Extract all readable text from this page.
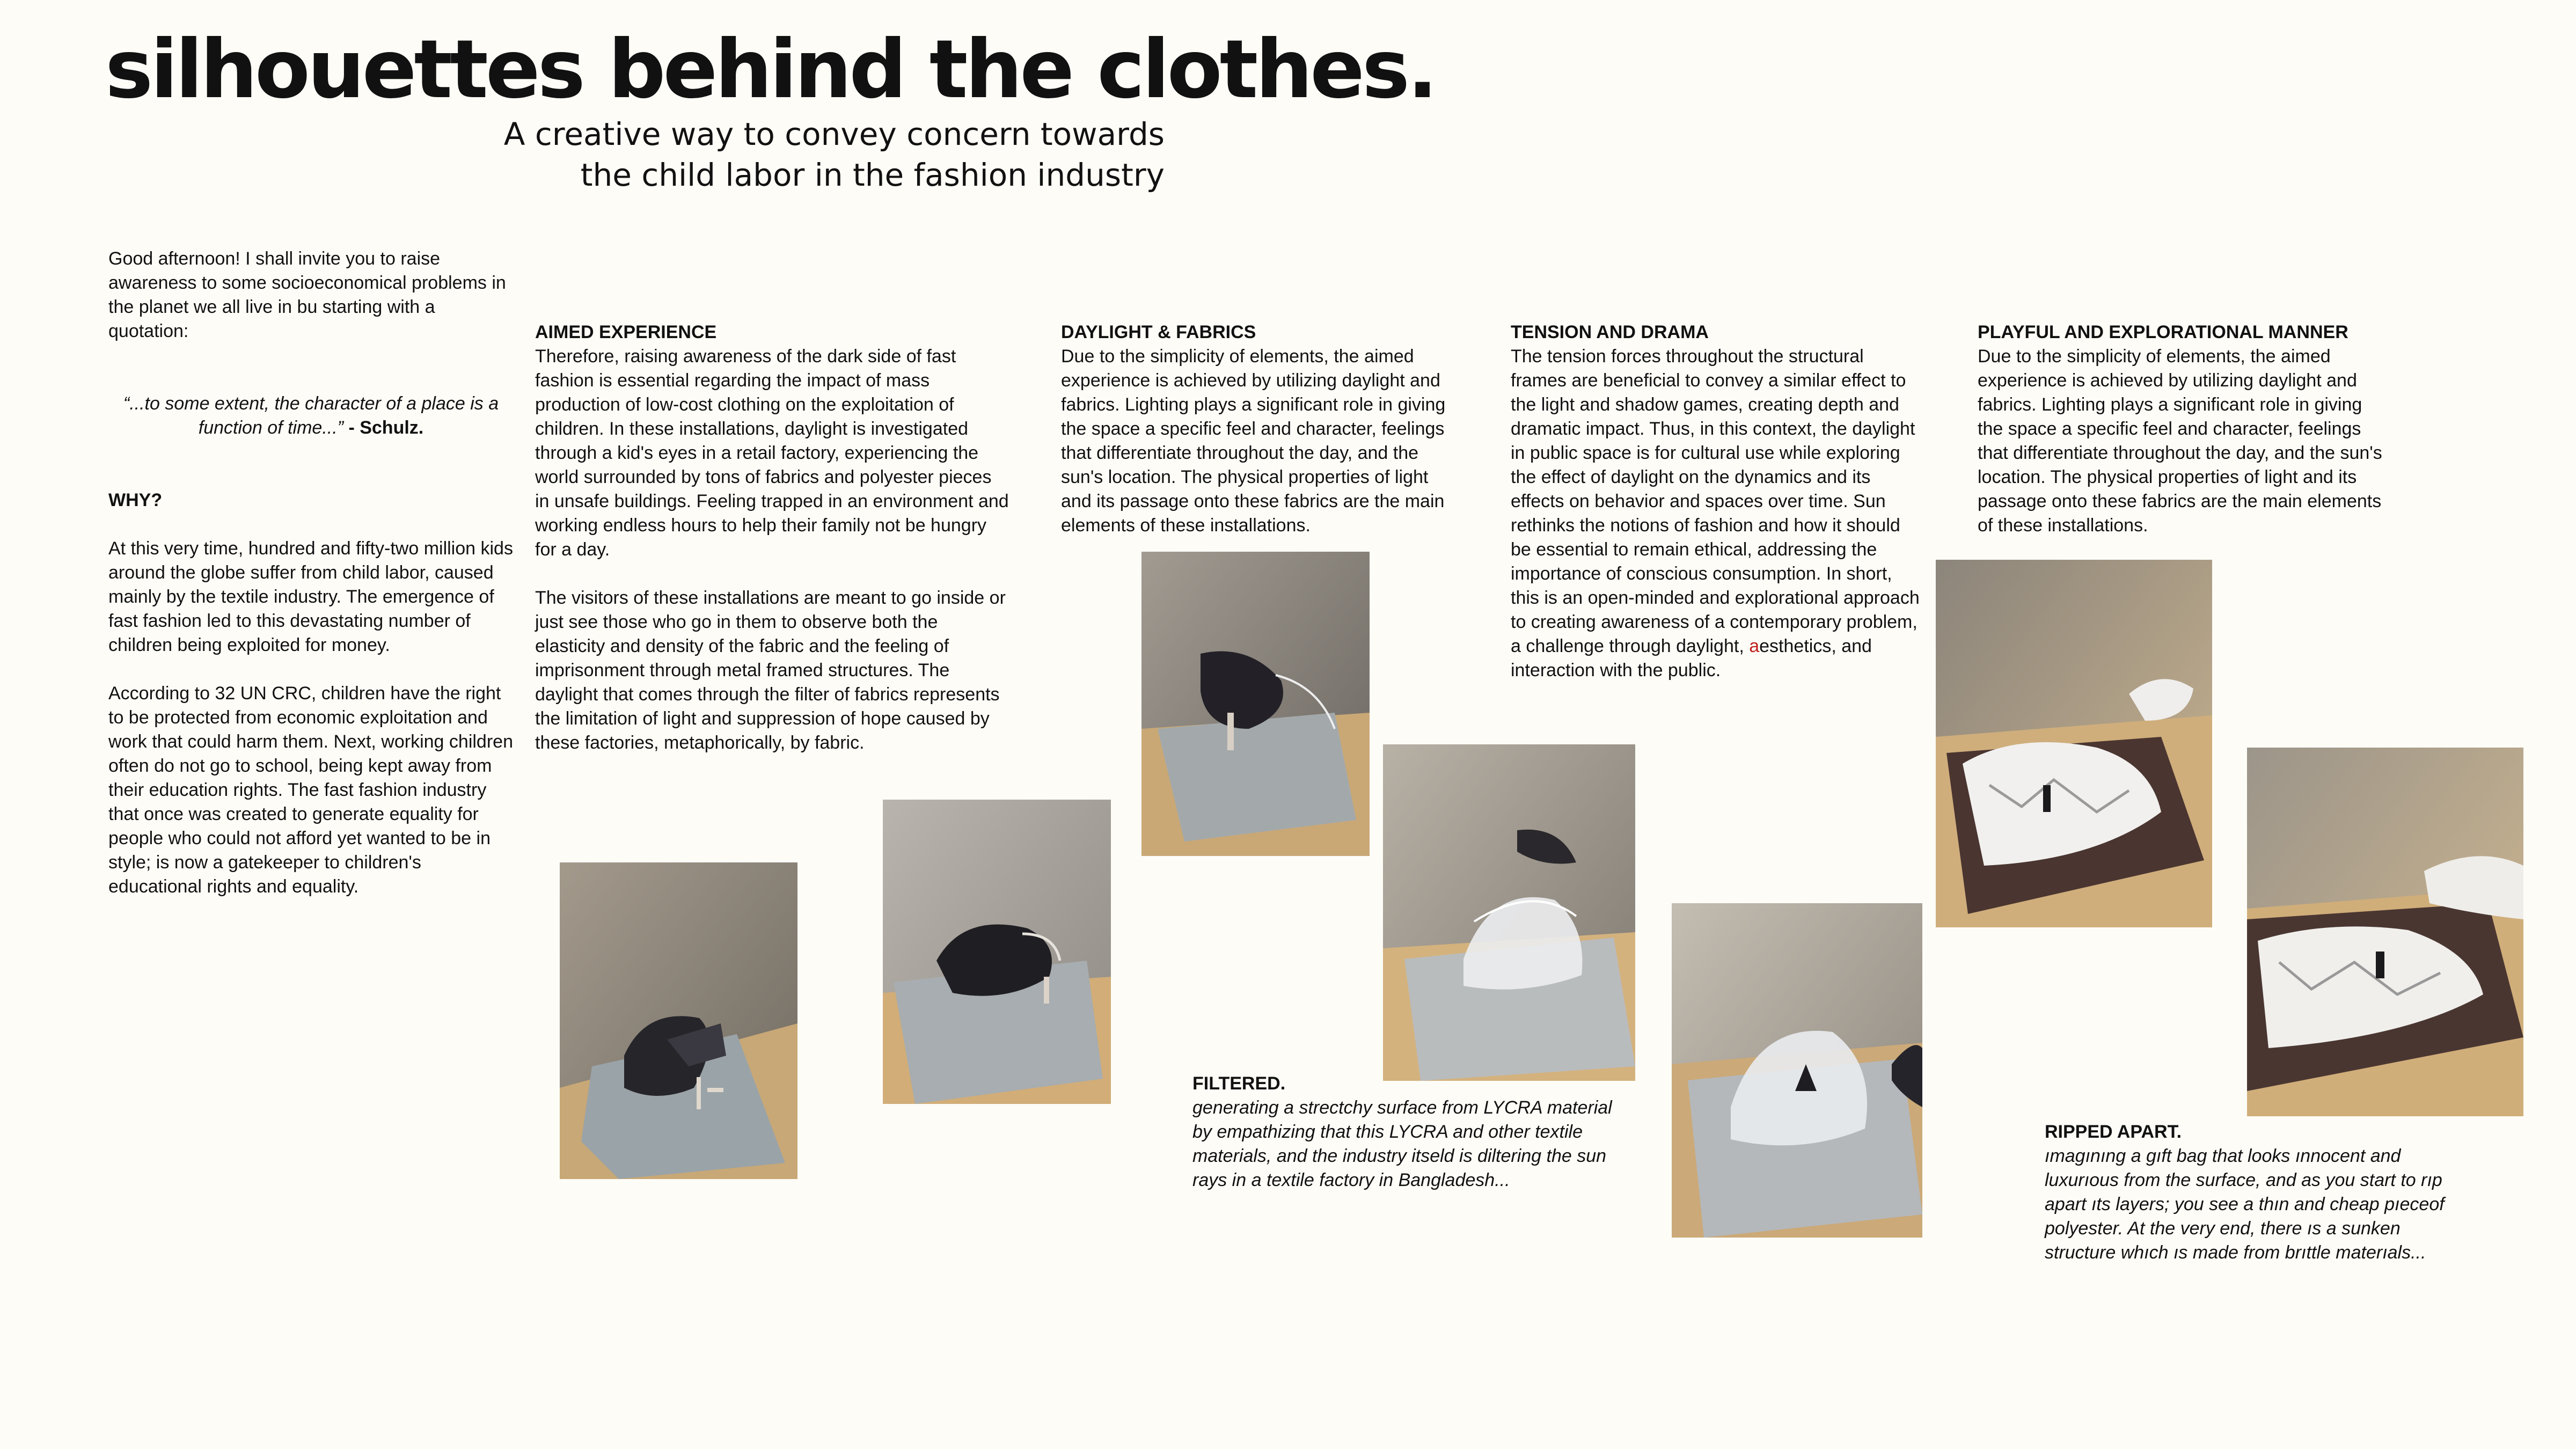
silhouettes behind the clothes.
A creative way to convey concern towards
the child labor in the fashion industry

Good afternoon! I shall invite you to raise awareness to some socioeconomical problems in the planet we all live in bu starting with a quotation:

“...to some extent, the character of a place is a function of time...” - Schulz.

WHY?

At this very time, hundred and fifty-two million kids around the globe suffer from child labor, caused mainly by the textile industry. The emergence of fast fashion led to this devastating number of children being exploited for money.

According to 32 UN CRC, children have the right to be protected from economic exploitation and work that could harm them. Next, working children often do not go to school, being kept away from their education rights. The fast fashion industry that once was created to generate equality for people who could not afford yet wanted to be in style; is now a gatekeeper to children's educational rights and equality.

AIMED EXPERIENCE

Therefore, raising awareness of the dark side of fast fashion is essential regarding the impact of mass production of low-cost clothing on the exploitation of children. In these installations, daylight is investigated through a kid's eyes in a retail factory, experiencing the world surrounded by tons of fabrics and polyester pieces in unsafe buildings. Feeling trapped in an environment and working endless hours to help their family not be hungry for a day.

The visitors of these installations are meant to go inside or just see those who go in them to observe both the elasticity and density of the fabric and the feeling of imprisonment through metal framed structures. The daylight that comes through the filter of fabrics represents the limitation of light and suppression of hope caused by these factories, metaphorically, by fabric.

DAYLIGHT & FABRICS

Due to the simplicity of elements, the aimed experience is achieved by utilizing daylight and fabrics. Lighting plays a significant role in giving the space a specific feel and character, feelings that differentiate throughout the day, and the sun's location. The physical properties of light and its passage onto these fabrics are the main elements of these installations.

TENSION AND DRAMA

The tension forces throughout the structural frames are beneficial to convey a similar effect to the light and shadow games, creating depth and dramatic impact. Thus, in this context, the daylight in public space is for cultural use while exploring the effect of daylight on the dynamics and its effects on behavior and spaces over time. Sun rethinks the notions of fashion and how it should be essential to remain ethical, addressing the importance of conscious consumption. In short, this is an open-minded and explorational approach to creating awareness of a contemporary problem, a challenge through daylight, aesthetics, and interaction with the public.

PLAYFUL AND EXPLORATIONAL MANNER

Due to the simplicity of elements, the aimed experience is achieved by utilizing daylight and fabrics. Lighting plays a significant role in giving the space a specific feel and character, feelings that differentiate throughout the day, and the sun's location. The physical properties of light and its passage onto these fabrics are the main elements of these installations.

FILTERED.

generating a strectchy surface from LYCRA material by empathizing that this LYCRA and other textile materials, and the industry itseld is diltering the sun rays in a textile factory in Bangladesh...

RIPPED APART.

ımagınıng a gıft bag that looks ınnocent and luxurıous from the surface, and as you start to rıp apart ıts layers; you see a thın and cheap pıeceof polyester. At the very end, there ıs a sunken structure whıch ıs made from brıttle materıals...
